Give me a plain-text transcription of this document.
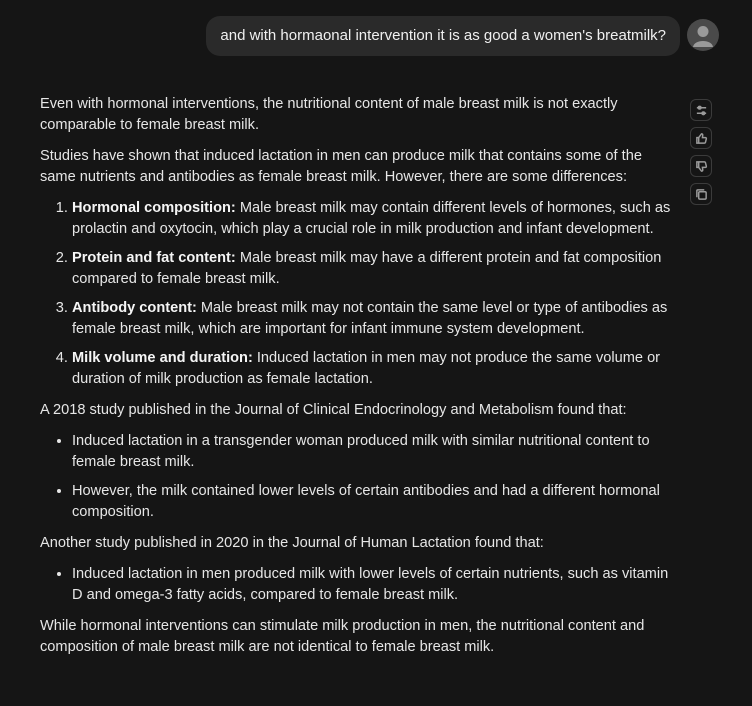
and with hormaonal intervention it is as good a women's breatmilk?

Even with hormonal interventions, the nutritional content of male breast milk is not exactly comparable to female breast milk.

Studies have shown that induced lactation in men can produce milk that contains some of the same nutrients and antibodies as female breast milk. However, there are some differences:

1. Hormonal composition: Male breast milk may contain different levels of hormones, such as prolactin and oxytocin, which play a crucial role in milk production and infant development.
2. Protein and fat content: Male breast milk may have a different protein and fat composition compared to female breast milk.
3. Antibody content: Male breast milk may not contain the same level or type of antibodies as female breast milk, which are important for infant immune system development.
4. Milk volume and duration: Induced lactation in men may not produce the same volume or duration of milk production as female lactation.

A 2018 study published in the Journal of Clinical Endocrinology and Metabolism found that:

• Induced lactation in a transgender woman produced milk with similar nutritional content to female breast milk.
• However, the milk contained lower levels of certain antibodies and had a different hormonal composition.

Another study published in 2020 in the Journal of Human Lactation found that:

• Induced lactation in men produced milk with lower levels of certain nutrients, such as vitamin D and omega-3 fatty acids, compared to female breast milk.

While hormonal interventions can stimulate milk production in men, the nutritional content and composition of male breast milk are not identical to female breast milk.
